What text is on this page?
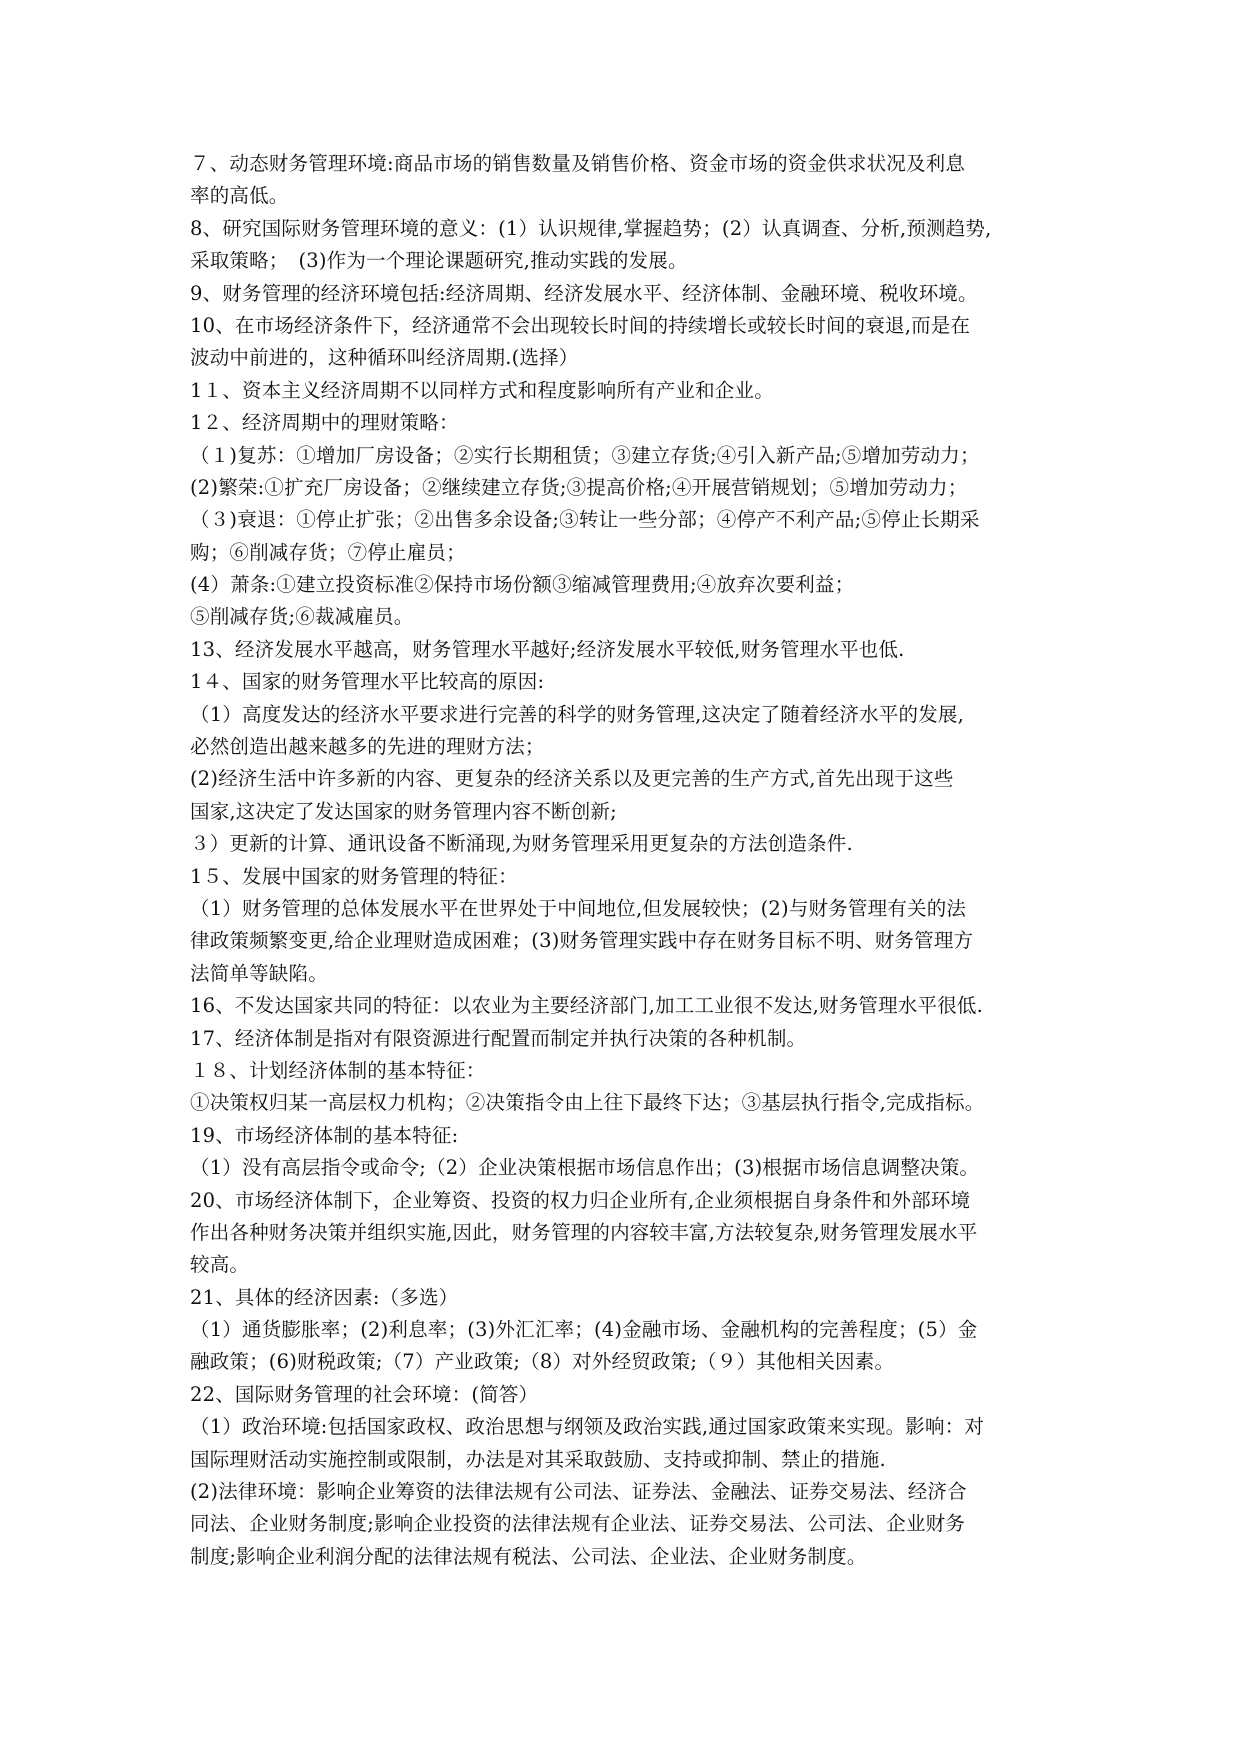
７、动态财务管理环境:商品市场的销售数量及销售价格、资金市场的资金供求状况及利息
率的高低。
8、研究国际财务管理环境的意义：(1）认识规律,掌握趋势；(2）认真调查、分析,预测趋势,
采取策略；　(3)作为一个理论课题研究,推动实践的发展。
9、财务管理的经济环境包括:经济周期、经济发展水平、经济体制、金融环境、税收环境。
10、在市场经济条件下，经济通常不会出现较长时间的持续增长或较长时间的衰退,而是在
波动中前进的，这种循环叫经济周期.(选择）
1１、资本主义经济周期不以同样方式和程度影响所有产业和企业。
1２、经济周期中的理财策略：
（１)复苏：①增加厂房设备；②实行长期租赁；③建立存货;④引入新产品;⑤增加劳动力；
(2)繁荣:①扩充厂房设备；②继续建立存货;③提高价格;④开展营销规划；⑤增加劳动力；
（３)衰退：①停止扩张；②出售多余设备;③转让一些分部；④停产不利产品;⑤停止长期采
购；⑥削减存货；⑦停止雇员；
(4）萧条:①建立投资标准②保持市场份额③缩减管理费用;④放弃次要利益；
⑤削减存货;⑥裁减雇员。
13、经济发展水平越高，财务管理水平越好;经济发展水平较低,财务管理水平也低.
1４、国家的财务管理水平比较高的原因:
（1）高度发达的经济水平要求进行完善的科学的财务管理,这决定了随着经济水平的发展,
必然创造出越来越多的先进的理财方法；
(2)经济生活中许多新的内容、更复杂的经济关系以及更完善的生产方式,首先出现于这些
国家,这决定了发达国家的财务管理内容不断创新;
３）更新的计算、通讯设备不断涌现,为财务管理采用更复杂的方法创造条件.
1５、发展中国家的财务管理的特征：
（1）财务管理的总体发展水平在世界处于中间地位,但发展较快；(2)与财务管理有关的法
律政策频繁变更,给企业理财造成困难；(3)财务管理实践中存在财务目标不明、财务管理方
法简单等缺陷。
16、不发达国家共同的特征：以农业为主要经济部门,加工工业很不发达,财务管理水平很低.
17、经济体制是指对有限资源进行配置而制定并执行决策的各种机制。
１８、计划经济体制的基本特征：
①决策权归某一高层权力机构；②决策指令由上往下最终下达；③基层执行指令,完成指标。
19、市场经济体制的基本特征:
（1）没有高层指令或命令;（2）企业决策根据市场信息作出；(3)根据市场信息调整决策。
20、市场经济体制下，企业筹资、投资的权力归企业所有,企业须根据自身条件和外部环境
作出各种财务决策并组织实施,因此，财务管理的内容较丰富,方法较复杂,财务管理发展水平
较高。
21、具体的经济因素:（多选）
（1）通货膨胀率；(2)利息率；(3)外汇汇率；(4)金融市场、金融机构的完善程度；(5）金
融政策；(6)财税政策;（7）产业政策;（8）对外经贸政策;（９）其他相关因素。
22、国际财务管理的社会环境：(简答）
（1）政治环境:包括国家政权、政治思想与纲领及政治实践,通过国家政策来实现。影响：对
国际理财活动实施控制或限制，办法是对其采取鼓励、支持或抑制、禁止的措施.
(2)法律环境：影响企业筹资的法律法规有公司法、证券法、金融法、证券交易法、经济合
同法、企业财务制度;影响企业投资的法律法规有企业法、证券交易法、公司法、企业财务
制度;影响企业利润分配的法律法规有税法、公司法、企业法、企业财务制度。
